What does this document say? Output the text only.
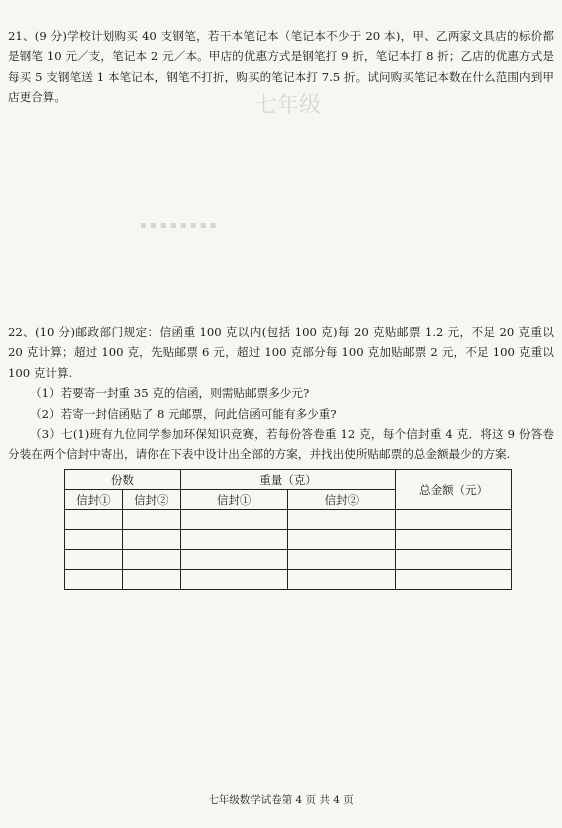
七年级
▪ ▪ ▪ ▪ ▪ ▪ ▪ ▪
21、(9 分)学校计划购买 40 支钢笔，若干本笔记本（笔记本不少于 20 本)，甲、乙两家文具店的标价都是钢笔 10 元／支，笔记本 2 元／本。甲店的优惠方式是钢笔打 9 折，笔记本打 8 折；乙店的优惠方式是每买 5 支钢笔送 1 本笔记本，钢笔不打折，购买的笔记本打 7.5 折。试问购买笔记本数在什么范围内到甲店更合算。
22、(10 分)邮政部门规定：信函重 100 克以内(包括 100 克)每 20 克贴邮票 1.2 元，不足 20 克重以 20 克计算；超过 100 克，先贴邮票 6 元，超过 100 克部分每 100 克加贴邮票 2 元，不足 100 克重以 100 克计算.
（1）若要寄一封重 35 克的信函，则需贴邮票多少元?
（2）若寄一封信函贴了 8 元邮票，问此信函可能有多少重?
（3）七(1)班有九位同学参加环保知识竞赛，若每份答卷重 12 克，每个信封重 4 克．将这 9 份答卷分装在两个信封中寄出，请你在下表中设计出全部的方案，并找出使所贴邮票的总金额最少的方案.
份数		重量（克）		总金额（元）
信封①	信封②	信封①	信封②	

七年级数学试卷第 4 页 共 4 页
